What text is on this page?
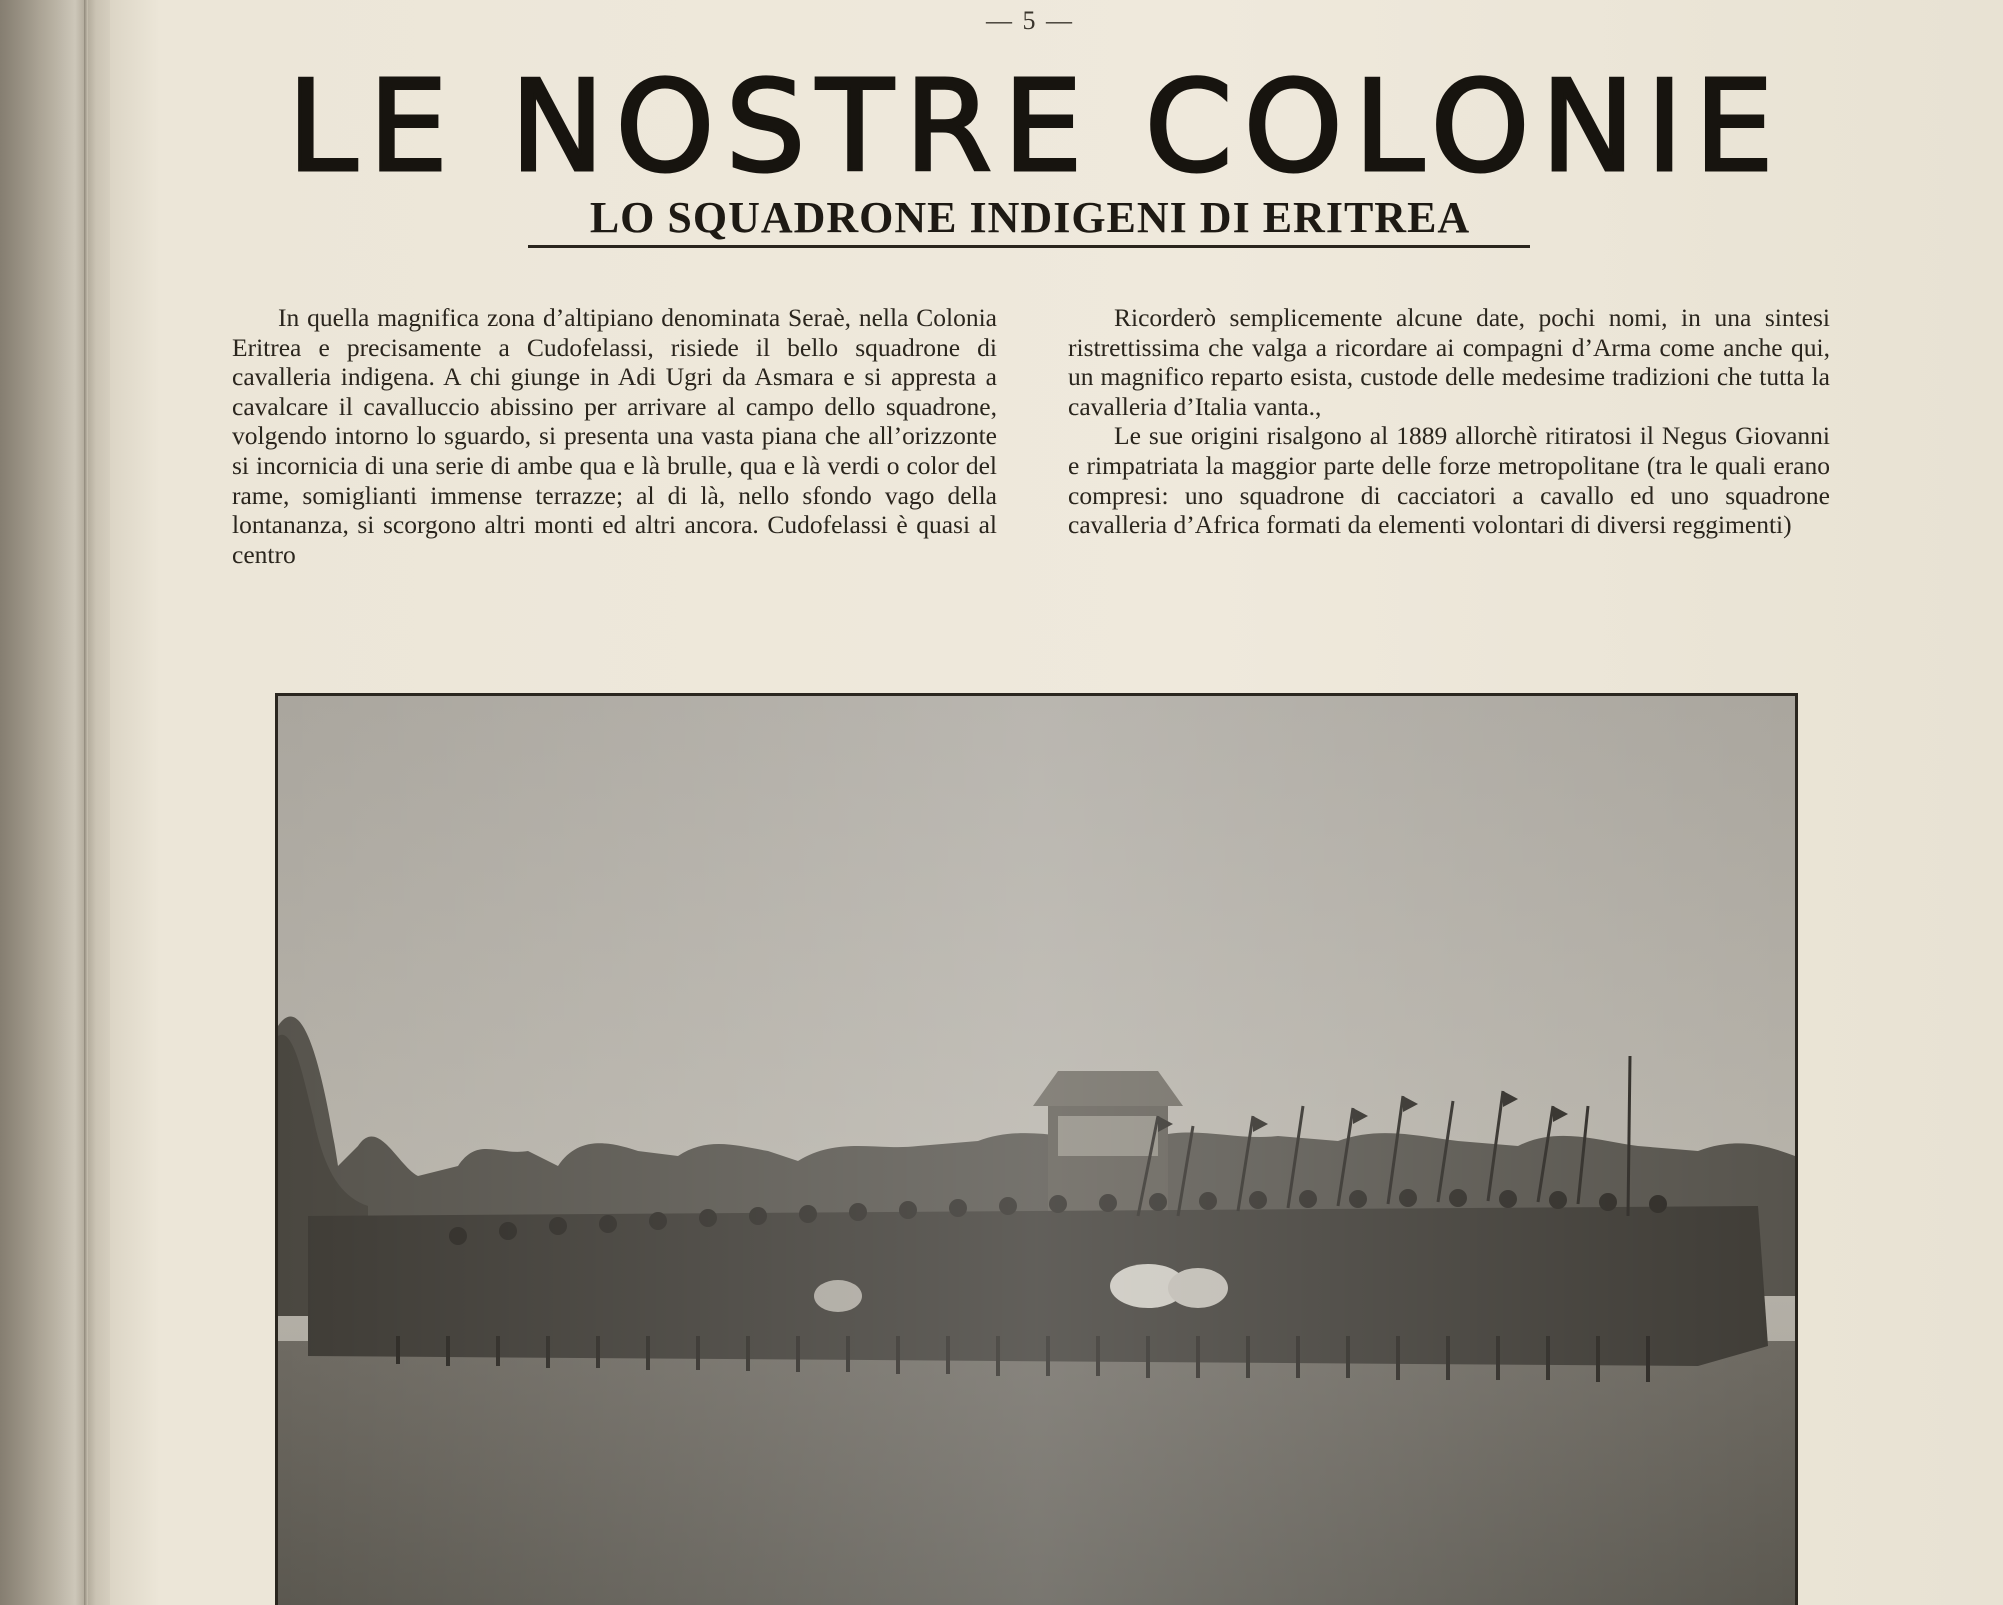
— 5 —
LE NOSTRE COLONIE
LO SQUADRONE INDIGENI DI ERITREA

In quella magnifica zona d’altipiano denominata Seraè, nella Colonia Eritrea e precisamente a Cudofelassi, risiede il bello squadrone di cavalleria indigena. A chi giunge in Adi Ugri da Asmara e si appresta a cavalcare il cavalluccio abissino per arrivare al campo dello squadrone, volgendo intorno lo sguardo, si presenta una vasta piana che all’orizzonte si incornicia di una serie di ambe qua e là brulle, qua e là verdi o color del rame, somiglianti immense terrazze; al di là, nello sfondo vago della lontananza, si scorgono altri monti ed altri ancora. Cudofelassi è quasi al centro

Ricorderò semplicemente alcune date, pochi nomi, in una sintesi ristrettissima che valga a ricordare ai compagni d’Arma come anche qui, un magnifico reparto esista, custode delle medesime tradizioni che tutta la cavalleria d’Italia vanta.,

Le sue origini risalgono al 1889 allorchè ritiratosi il Negus Giovanni e rimpatriata la maggior parte delle forze metropolitane (tra le quali erano compresi: uno squadrone di cacciatori a cavallo ed uno squadrone cavalleria d’Africa formati da elementi volontari di diversi reggimenti)
